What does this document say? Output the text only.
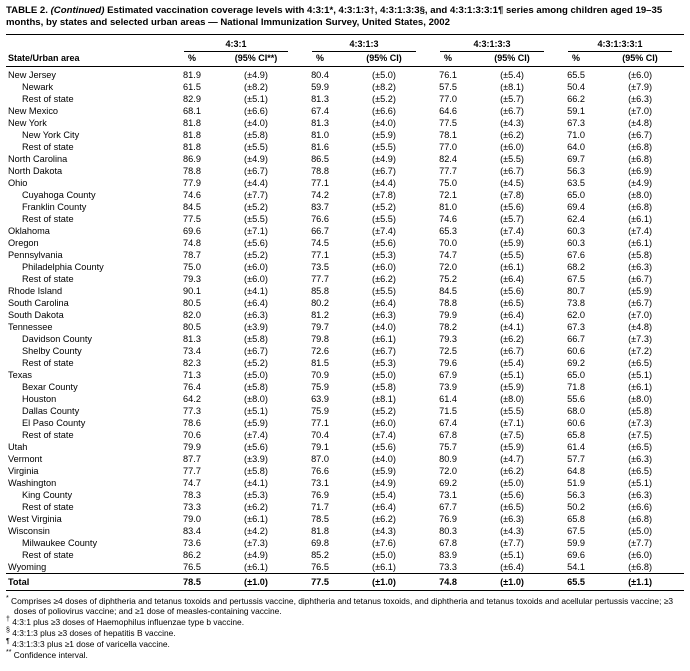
TABLE 2. (Continued) Estimated vaccination coverage levels with 4:3:1*, 4:3:1:3†, 4:3:1:3:3§, and 4:3:1:3:3:1¶ series among children aged 19–35 months, by states and selected urban areas — National Immunization Survey, United States, 2002

	4:3:1		4:3:1:3		4:3:1:3:3		4:3:1:3:3:1	

State/Urban area	%	(95% CI**)	%	(95% CI)	%	(95% CI)	%	(95% CI)
New Jersey	81.9	(±4.9)	80.4	(±5.0)	76.1	(±5.4)	65.5	(±6.0)
Newark	61.5	(±8.2)	59.9	(±8.2)	57.5	(±8.1)	50.4	(±7.9)
Rest of state	82.9	(±5.1)	81.3	(±5.2)	77.0	(±5.7)	66.2	(±6.3)
New Mexico	68.1	(±6.6)	67.4	(±6.6)	64.6	(±6.7)	59.1	(±7.0)
New York	81.8	(±4.0)	81.3	(±4.0)	77.5	(±4.3)	67.3	(±4.8)
New York City	81.8	(±5.8)	81.0	(±5.9)	78.1	(±6.2)	71.0	(±6.7)
Rest of state	81.8	(±5.5)	81.6	(±5.5)	77.0	(±6.0)	64.0	(±6.8)
North Carolina	86.9	(±4.9)	86.5	(±4.9)	82.4	(±5.5)	69.7	(±6.8)
North Dakota	78.8	(±6.7)	78.8	(±6.7)	77.7	(±6.7)	56.3	(±6.9)
Ohio	77.9	(±4.4)	77.1	(±4.4)	75.0	(±4.5)	63.5	(±4.9)
Cuyahoga County	74.6	(±7.7)	74.2	(±7.8)	72.1	(±7.8)	65.0	(±8.0)
Franklin County	84.5	(±5.2)	83.7	(±5.2)	81.0	(±5.6)	69.4	(±6.8)
Rest of state	77.5	(±5.5)	76.6	(±5.5)	74.6	(±5.7)	62.4	(±6.1)
Oklahoma	69.6	(±7.1)	66.7	(±7.4)	65.3	(±7.4)	60.3	(±7.4)
Oregon	74.8	(±5.6)	74.5	(±5.6)	70.0	(±5.9)	60.3	(±6.1)
Pennsylvania	78.7	(±5.2)	77.1	(±5.3)	74.7	(±5.5)	67.6	(±5.8)
Philadelphia County	75.0	(±6.0)	73.5	(±6.0)	72.0	(±6.1)	68.2	(±6.3)
Rest of state	79.3	(±6.0)	77.7	(±6.2)	75.2	(±6.4)	67.5	(±6.7)
Rhode Island	90.1	(±4.1)	85.8	(±5.5)	84.5	(±5.6)	80.7	(±5.9)
South Carolina	80.5	(±6.4)	80.2	(±6.4)	78.8	(±6.5)	73.8	(±6.7)
South Dakota	82.0	(±6.3)	81.2	(±6.3)	79.9	(±6.4)	62.0	(±7.0)
Tennessee	80.5	(±3.9)	79.7	(±4.0)	78.2	(±4.1)	67.3	(±4.8)
Davidson County	81.3	(±5.8)	79.8	(±6.1)	79.3	(±6.2)	66.7	(±7.3)
Shelby County	73.4	(±6.7)	72.6	(±6.7)	72.5	(±6.7)	60.6	(±7.2)
Rest of state	82.3	(±5.2)	81.5	(±5.3)	79.6	(±5.4)	69.2	(±6.5)
Texas	71.3	(±5.0)	70.9	(±5.0)	67.9	(±5.1)	65.0	(±5.1)
Bexar County	76.4	(±5.8)	75.9	(±5.8)	73.9	(±5.9)	71.8	(±6.1)
Houston	64.2	(±8.0)	63.9	(±8.1)	61.4	(±8.0)	55.6	(±8.0)
Dallas County	77.3	(±5.1)	75.9	(±5.2)	71.5	(±5.5)	68.0	(±5.8)
El Paso County	78.6	(±5.9)	77.1	(±6.0)	67.4	(±7.1)	60.6	(±7.3)
Rest of state	70.6	(±7.4)	70.4	(±7.4)	67.8	(±7.5)	65.8	(±7.5)
Utah	79.9	(±5.6)	79.1	(±5.6)	75.7	(±5.9)	61.4	(±6.5)
Vermont	87.7	(±3.9)	87.0	(±4.0)	80.9	(±4.7)	57.7	(±6.3)
Virginia	77.7	(±5.8)	76.6	(±5.9)	72.0	(±6.2)	64.8	(±6.5)
Washington	74.7	(±4.1)	73.1	(±4.9)	69.2	(±5.0)	51.9	(±5.1)
King County	78.3	(±5.3)	76.9	(±5.4)	73.1	(±5.6)	56.3	(±6.3)
Rest of state	73.3	(±6.2)	71.7	(±6.4)	67.7	(±6.5)	50.2	(±6.6)
West Virginia	79.0	(±6.1)	78.5	(±6.2)	76.9	(±6.3)	65.8	(±6.8)
Wisconsin	83.4	(±4.2)	81.8	(±4.3)	80.3	(±4.3)	67.5	(±5.0)
Milwaukee County	73.6	(±7.3)	69.8	(±7.6)	67.8	(±7.7)	59.9	(±7.7)
Rest of state	86.2	(±4.9)	85.2	(±5.0)	83.9	(±5.1)	69.6	(±6.0)
Wyoming	76.5	(±6.1)	76.5	(±6.1)	73.3	(±6.4)	54.1	(±6.8)
Total	78.5	(±1.0)	77.5	(±1.0)	74.8	(±1.0)	65.5	(±1.1)
* Comprises ≥4 doses of diphtheria and tetanus toxoids and pertussis vaccine, diphtheria and tetanus toxoids, and diphtheria and tetanus toxoids and acellular pertussis vaccine; ≥3 doses of poliovirus vaccine; and ≥1 dose of measles-containing vaccine.
† 4:3:1 plus ≥3 doses of Haemophilus influenzae type b vaccine.
§ 4:3:1:3 plus ≥3 doses of hepatitis B vaccine.
¶ 4:3:1:3:3 plus ≥1 dose of varicella vaccine.
** Confidence interval.
